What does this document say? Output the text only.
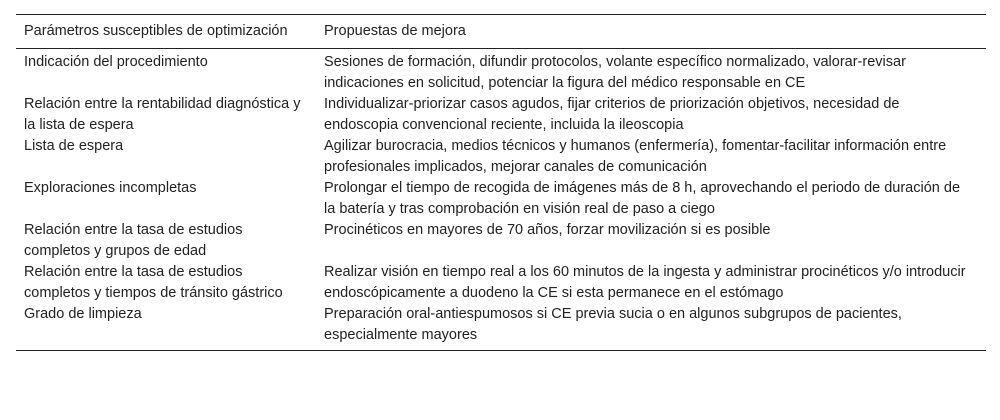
Parámetros susceptibles de optimización	Propuestas de mejora
Indicación del procedimiento	Sesiones de formación, difundir protocolos, volante específico normalizado, valorar-revisar indicaciones en solicitud, potenciar la figura del médico responsable en CE
Relación entre la rentabilidad diagnóstica y la lista de espera	Individualizar-priorizar casos agudos, fijar criterios de priorización objetivos, necesidad de endoscopia convencional reciente, incluida la ileoscopia
Lista de espera	Agilizar burocracia, medios técnicos y humanos (enfermería), fomentar-facilitar información entre profesionales implicados, mejorar canales de comunicación
Exploraciones incompletas	Prolongar el tiempo de recogida de imágenes más de 8 h, aprovechando el periodo de duración de la batería y tras comprobación en visión real de paso a ciego
Relación entre la tasa de estudios completos y grupos de edad	Procinéticos en mayores de 70 años, forzar movilización si es posible
Relación entre la tasa de estudios completos y tiempos de tránsito gástrico	Realizar visión en tiempo real a los 60 minutos de la ingesta y administrar procinéticos y/o introducir endoscópicamente a duodeno la CE si esta permanece en el estómago
Grado de limpieza	Preparación oral-antiespumosos si CE previa sucia o en algunos subgrupos de pacientes, especialmente mayores
